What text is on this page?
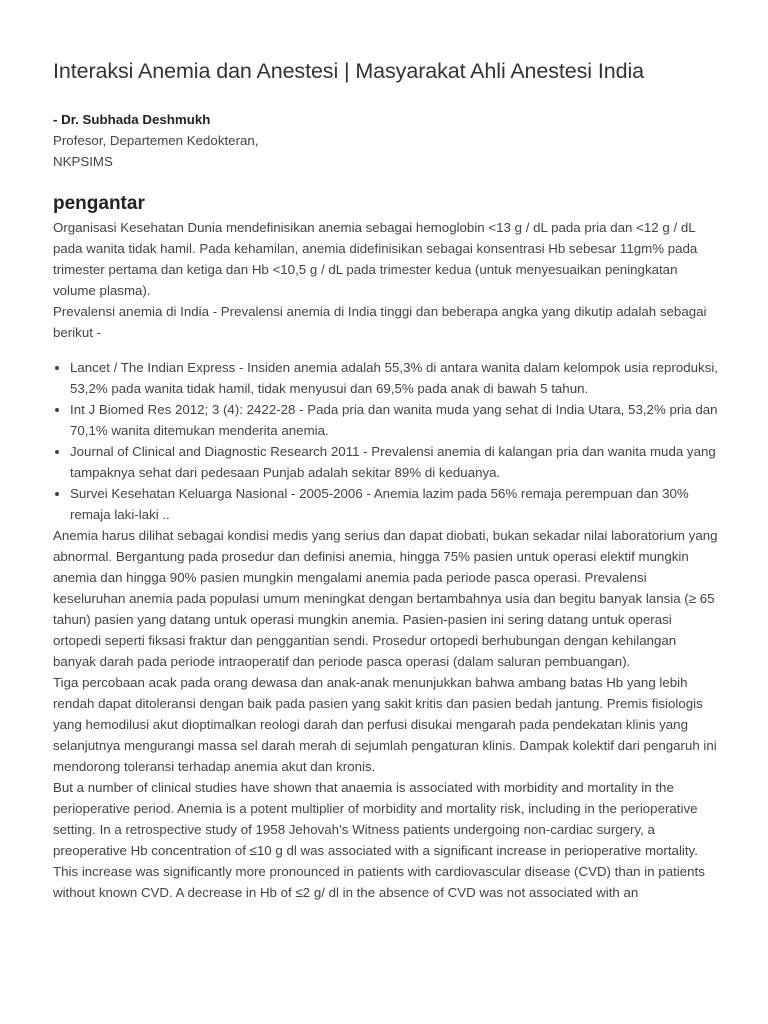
Interaksi Anemia dan Anestesi | Masyarakat Ahli Anestesi India
- Dr. Subhada Deshmukh
Profesor, Departemen Kedokteran,
NKPSIMS
pengantar

Organisasi Kesehatan Dunia mendefinisikan anemia sebagai hemoglobin <13 g / dL pada pria dan <12 g / dL pada wanita tidak hamil. Pada kehamilan, anemia didefinisikan sebagai konsentrasi Hb sebesar 11gm% pada trimester pertama dan ketiga dan Hb <10,5 g / dL pada trimester kedua (untuk menyesuaikan peningkatan volume plasma).

Prevalensi anemia di India - Prevalensi anemia di India tinggi dan beberapa angka yang dikutip adalah sebagai berikut -

• Lancet / The Indian Express - Insiden anemia adalah 55,3% di antara wanita dalam kelompok usia reproduksi, 53,2% pada wanita tidak hamil, tidak menyusui dan 69,5% pada anak di bawah 5 tahun.
• Int J Biomed Res 2012; 3 (4): 2422-28 - Pada pria dan wanita muda yang sehat di India Utara, 53,2% pria dan 70,1% wanita ditemukan menderita anemia.
• Journal of Clinical and Diagnostic Research 2011 - Prevalensi anemia di kalangan pria dan wanita muda yang tampaknya sehat dari pedesaan Punjab adalah sekitar 89% di keduanya.
• Survei Kesehatan Keluarga Nasional - 2005-2006 - Anemia lazim pada 56% remaja perempuan dan 30% remaja laki-laki ..

Anemia harus dilihat sebagai kondisi medis yang serius dan dapat diobati, bukan sekadar nilai laboratorium yang abnormal. Bergantung pada prosedur dan definisi anemia, hingga 75% pasien untuk operasi elektif mungkin anemia dan hingga 90% pasien mungkin mengalami anemia pada periode pasca operasi. Prevalensi keseluruhan anemia pada populasi umum meningkat dengan bertambahnya usia dan begitu banyak lansia (≥ 65 tahun) pasien yang datang untuk operasi mungkin anemia. Pasien-pasien ini sering datang untuk operasi ortopedi seperti fiksasi fraktur dan penggantian sendi. Prosedur ortopedi berhubungan dengan kehilangan banyak darah pada periode intraoperatif dan periode pasca operasi (dalam saluran pembuangan).

Tiga percobaan acak pada orang dewasa dan anak-anak menunjukkan bahwa ambang batas Hb yang lebih rendah dapat ditoleransi dengan baik pada pasien yang sakit kritis dan pasien bedah jantung. Premis fisiologis yang hemodilusi akut dioptimalkan reologi darah dan perfusi disukai mengarah pada pendekatan klinis yang selanjutnya mengurangi massa sel darah merah di sejumlah pengaturan klinis. Dampak kolektif dari pengaruh ini mendorong toleransi terhadap anemia akut dan kronis.

But a number of clinical studies have shown that anaemia is associated with morbidity and mortality in the perioperative period. Anemia is a potent multiplier of morbidity and mortality risk, including in the perioperative setting. In a retrospective study of 1958 Jehovah’s Witness patients undergoing non-cardiac surgery, a preoperative Hb concentration of ≤10 g dl was associated with a significant increase in perioperative mortality. This increase was significantly more pronounced in patients with cardiovascular disease (CVD) than in patients without known CVD. A decrease in Hb of ≤2 g/ dl in the absence of CVD was not associated with an
